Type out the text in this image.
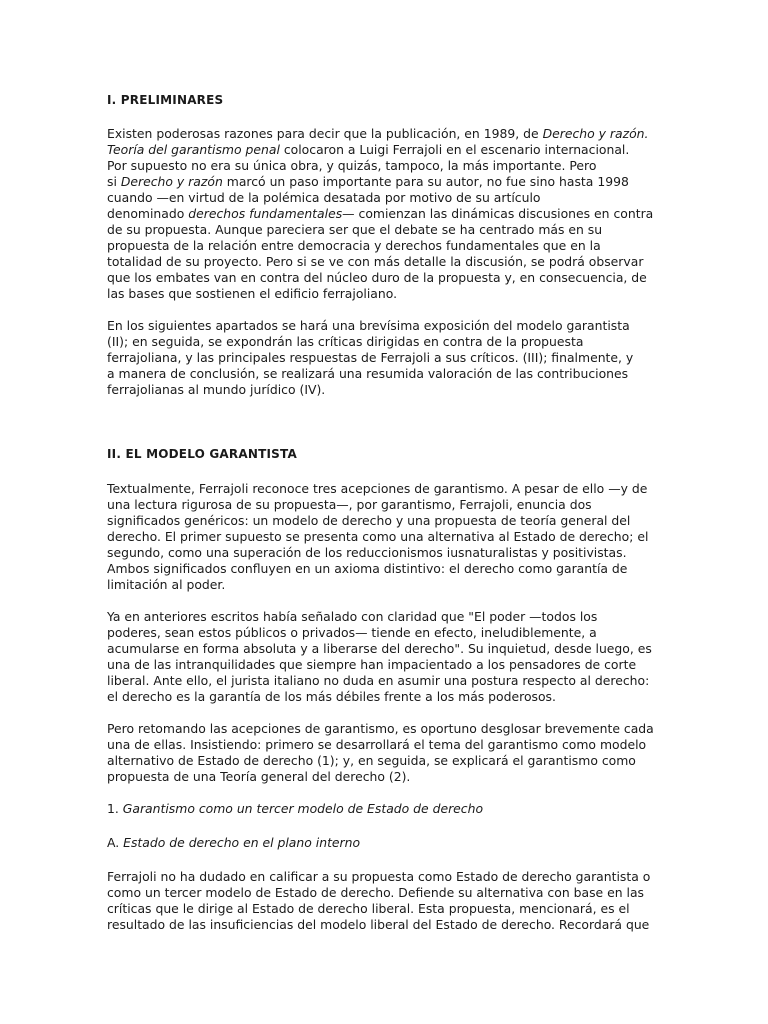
I. PRELIMINARES
Existen poderosas razones para decir que la publicación, en 1989, de Derecho y razón.
Teoría del garantismo penal colocaron a Luigi Ferrajoli en el escenario internacional.
Por supuesto no era su única obra, y quizás, tampoco, la más importante. Pero
si Derecho y razón marcó un paso importante para su autor, no fue sino hasta 1998
cuando —en virtud de la polémica desatada por motivo de su artículo
denominado derechos fundamentales— comienzan las dinámicas discusiones en contra
de su propuesta. Aunque pareciera ser que el debate se ha centrado más en su
propuesta de la relación entre democracia y derechos fundamentales que en la
totalidad de su proyecto. Pero si se ve con más detalle la discusión, se podrá observar
que los embates van en contra del núcleo duro de la propuesta y, en consecuencia, de
las bases que sostienen el edificio ferrajoliano.
En los siguientes apartados se hará una brevísima exposición del modelo garantista
(II); en seguida, se expondrán las críticas dirigidas en contra de la propuesta
ferrajoliana, y las principales respuestas de Ferrajoli a sus críticos. (III); finalmente, y
a manera de conclusión, se realizará una resumida valoración de las contribuciones
ferrajolianas al mundo jurídico (IV).
II. EL MODELO GARANTISTA
Textualmente, Ferrajoli reconoce tres acepciones de garantismo. A pesar de ello —y de
una lectura rigurosa de su propuesta—, por garantismo, Ferrajoli, enuncia dos
significados genéricos: un modelo de derecho y una propuesta de teoría general del
derecho. El primer supuesto se presenta como una alternativa al Estado de derecho; el
segundo, como una superación de los reduccionismos iusnaturalistas y positivistas.
Ambos significados confluyen en un axioma distintivo: el derecho como garantía de
limitación al poder.
Ya en anteriores escritos había señalado con claridad que "El poder —todos los
poderes, sean estos públicos o privados— tiende en efecto, ineludiblemente, a
acumularse en forma absoluta y a liberarse del derecho". Su inquietud, desde luego, es
una de las intranquilidades que siempre han impacientado a los pensadores de corte
liberal. Ante ello, el jurista italiano no duda en asumir una postura respecto al derecho:
el derecho es la garantía de los más débiles frente a los más poderosos.
Pero retomando las acepciones de garantismo, es oportuno desglosar brevemente cada
una de ellas. Insistiendo: primero se desarrollará el tema del garantismo como modelo
alternativo de Estado de derecho (1); y, en seguida, se explicará el garantismo como
propuesta de una Teoría general del derecho (2).
1. Garantismo como un tercer modelo de Estado de derecho
A. Estado de derecho en el plano interno
Ferrajoli no ha dudado en calificar a su propuesta como Estado de derecho garantista o
como un tercer modelo de Estado de derecho. Defiende su alternativa con base en las
críticas que le dirige al Estado de derecho liberal. Esta propuesta, mencionará, es el
resultado de las insuficiencias del modelo liberal del Estado de derecho. Recordará que
